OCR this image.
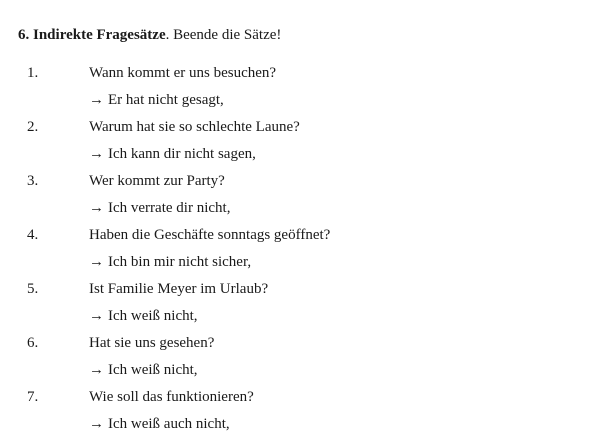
6. Indirekte Fragesätze. Beende die Sätze!
1.	Wann kommt er uns besuchen?
→ Er hat nicht gesagt,
2.	Warum hat sie so schlechte Laune?
→ Ich kann dir nicht sagen,
3.	Wer kommt zur Party?
→ Ich verrate dir nicht,
4.	Haben die Geschäfte sonntags geöffnet?
→ Ich bin mir nicht sicher,
5.	Ist Familie Meyer im Urlaub?
→ Ich weiß nicht,
6.	Hat sie uns gesehen?
→ Ich weiß nicht,
7.	Wie soll das funktionieren?
→ Ich weiß auch nicht,
